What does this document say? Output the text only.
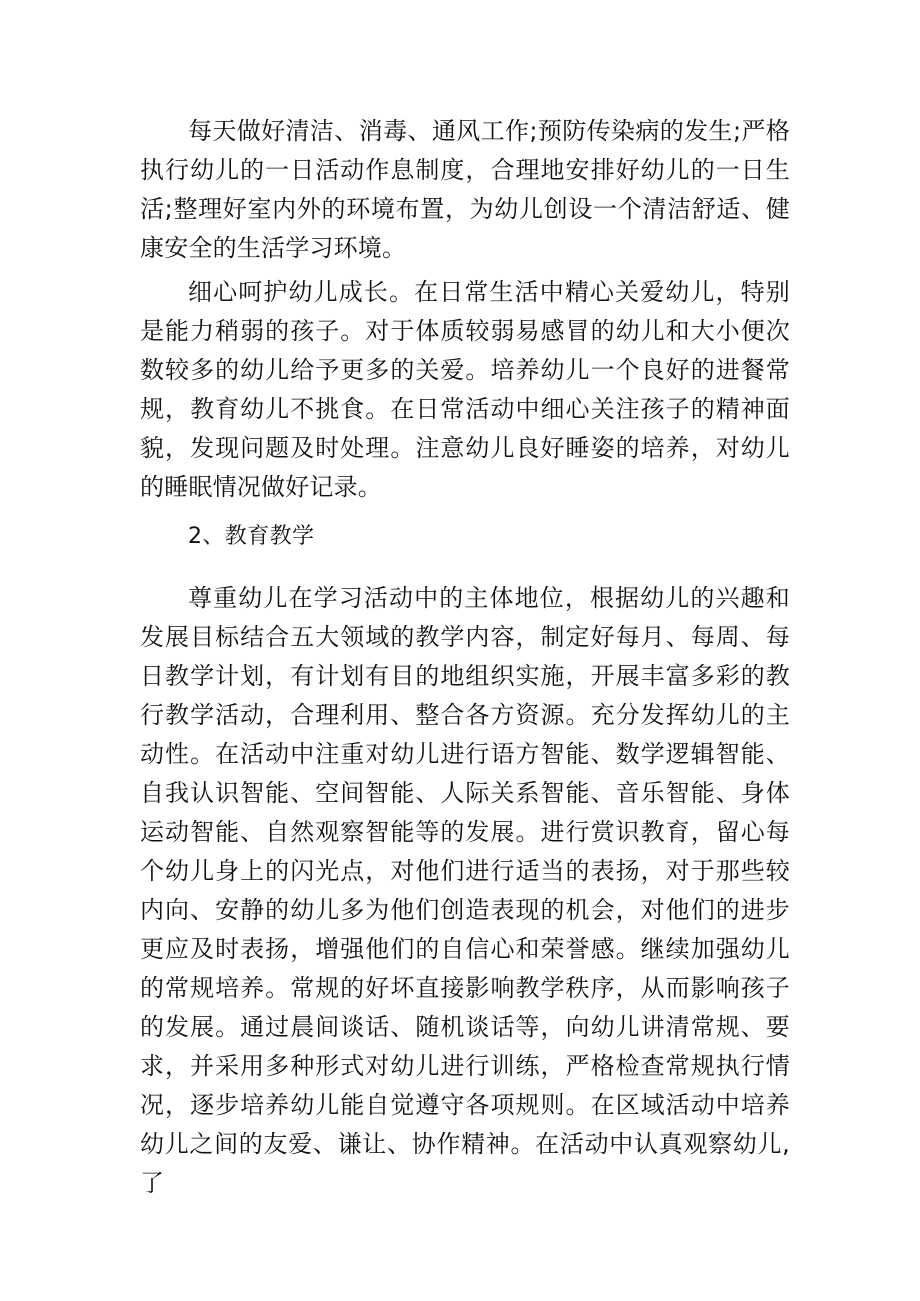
每天做好清洁、消毒、通风工作;预防传染病的发生;严格执行幼儿的一日活动作息制度，合理地安排好幼儿的一日生活;整理好室内外的环境布置，为幼儿创设一个清洁舒适、健康安全的生活学习环境。

细心呵护幼儿成长。在日常生活中精心关爱幼儿，特别是能力稍弱的孩子。对于体质较弱易感冒的幼儿和大小便次数较多的幼儿给予更多的关爱。培养幼儿一个良好的进餐常规，教育幼儿不挑食。在日常活动中细心关注孩子的精神面貌，发现问题及时处理。注意幼儿良好睡姿的培养，对幼儿的睡眠情况做好记录。

2、教育教学

尊重幼儿在学习活动中的主体地位，根据幼儿的兴趣和发展目标结合五大领域的教学内容，制定好每月、每周、每日教学计划，有计划有目的地组织实施，开展丰富多彩的教行教学活动，合理利用、整合各方资源。充分发挥幼儿的主动性。在活动中注重对幼儿进行语方智能、数学逻辑智能、自我认识智能、空间智能、人际关系智能、音乐智能、身体运动智能、自然观察智能等的发展。进行赏识教育，留心每个幼儿身上的闪光点，对他们进行适当的表扬，对于那些较内向、安静的幼儿多为他们创造表现的机会，对他们的进步更应及时表扬，增强他们的自信心和荣誉感。继续加强幼儿的常规培养。常规的好坏直接影响教学秩序，从而影响孩子的发展。通过晨间谈话、随机谈话等，向幼儿讲清常规、要求，并采用多种形式对幼儿进行训练，严格检查常规执行情况，逐步培养幼儿能自觉遵守各项规则。在区域活动中培养幼儿之间的友爱、谦让、协作精神。在活动中认真观察幼儿,了
